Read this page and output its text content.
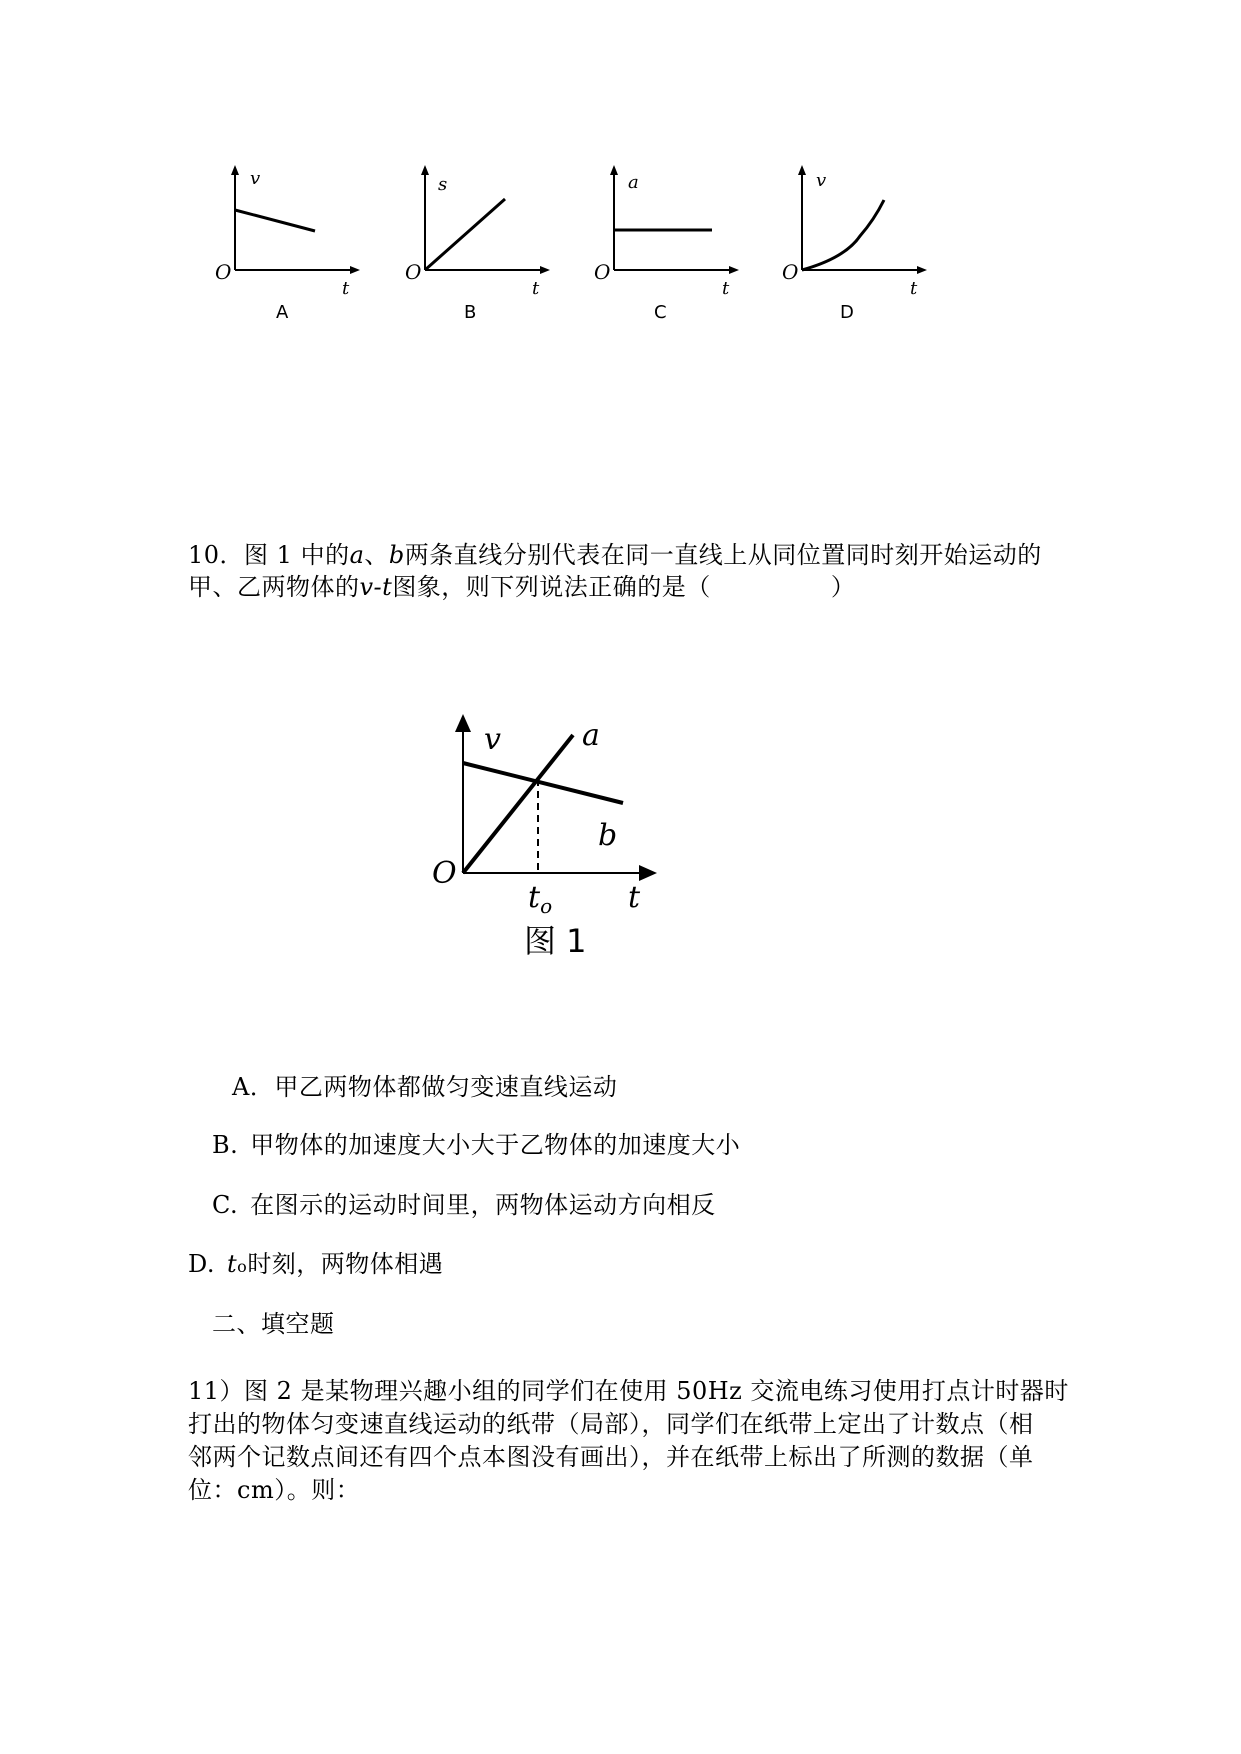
v
O
t
A
s
O
t
B
a
O
t
C
v
O
t
D
10．图 1 中的a、b两条直线分别代表在同一直线上从同位置同时刻开始运动的
甲、乙两物体的v-t图象，则下列说法正确的是（	）
v	a
b
O
$t_o$	t
图 1
A．甲乙两物体都做匀变速直线运动
B. 甲物体的加速度大小大于乙物体的加速度大小
C. 在图示的运动时间里，两物体运动方向相反
D. to时刻，两物体相遇
二、填空题
11）图 2 是某物理兴趣小组的同学们在使用 50Hz 交流电练习使用打点计时器时
打出的物体匀变速直线运动的纸带（局部），同学们在纸带上定出了计数点（相
邻两个记数点间还有四个点本图没有画出），并在纸带上标出了所测的数据（单
位：cm）。则：
